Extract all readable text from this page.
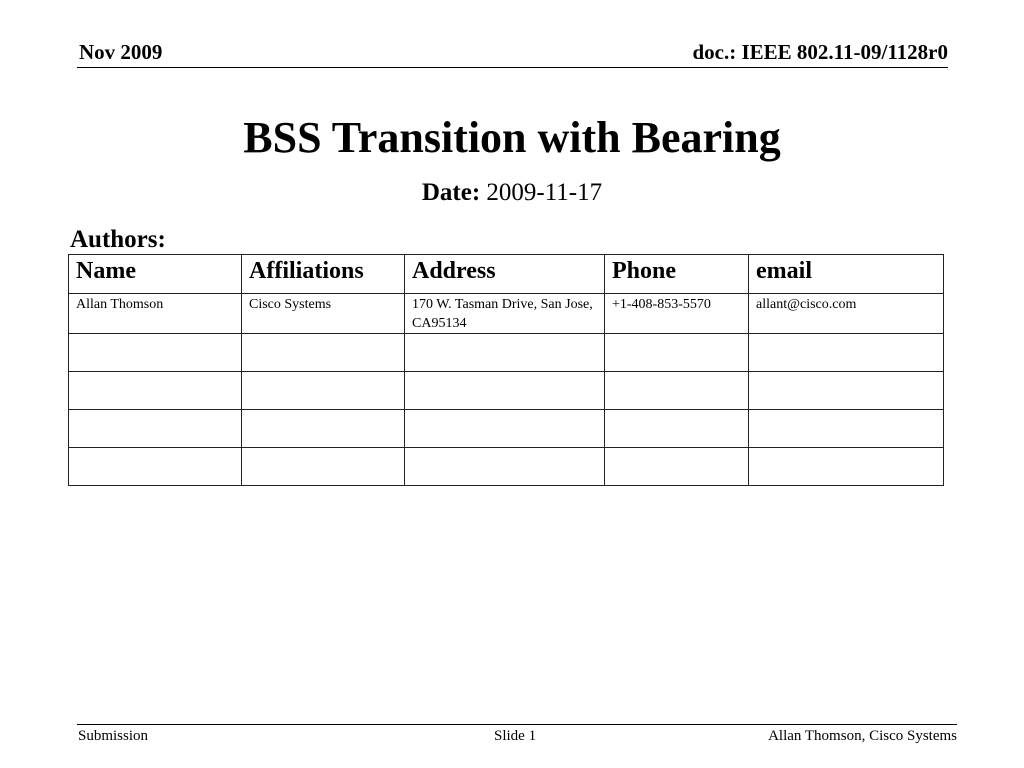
Nov 2009	doc.: IEEE 802.11-09/1128r0
BSS Transition with Bearing
Date: 2009-11-17
Authors:
Name	Affiliations	Address	Phone	email
Allan Thomson	Cisco Systems	170 W. Tasman Drive, San Jose, CA95134	+1-408-853-5570	allant@cisco.com

Submission	Slide 1	Allan Thomson, Cisco Systems
